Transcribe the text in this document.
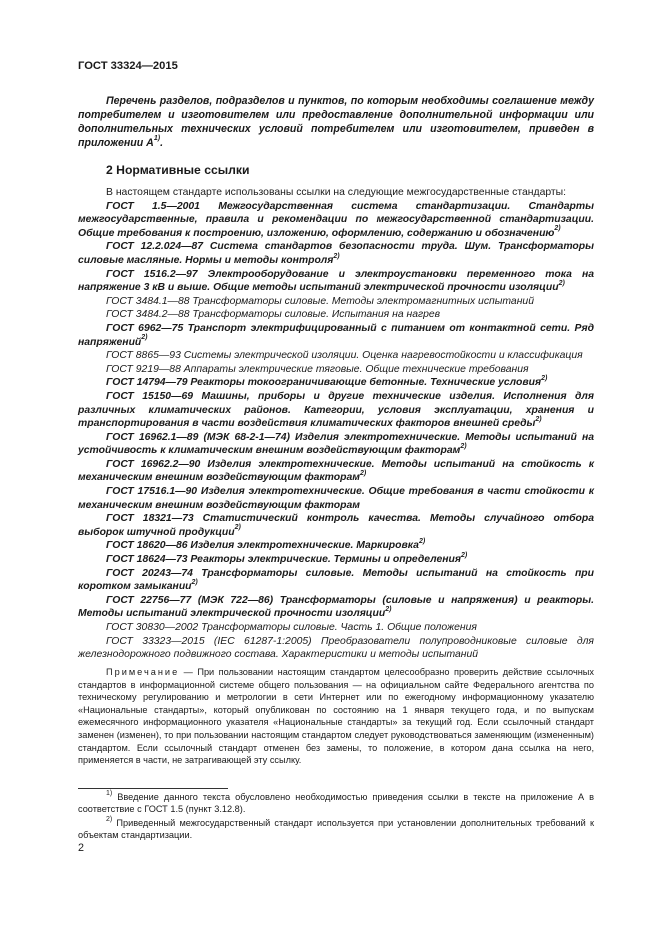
ГОСТ 33324—2015
Перечень разделов, подразделов и пунктов, по которым необходимы соглашение между потребителем и изготовителем или предоставление дополнительной информации или дополнительных технических условий потребителем или изготовителем, приведен в приложении $А^{1)}$.
2 Нормативные ссылки

В настоящем стандарте использованы ссылки на следующие межгосударственные стандарты:

ГОСТ 1.5—2001 Межгосударственная система стандартизации. Стандарты межгосударственные, правила и рекомендации по межгосударственной стандартизации. Общие требования к построению, изложению, оформлению, содержанию и обозначению$^{2)}$

ГОСТ 12.2.024—87 Система стандартов безопасности труда. Шум. Трансформаторы силовые масляные. Нормы и методы контроля$^{2)}$

ГОСТ 1516.2—97 Электрооборудование и электроустановки переменного тока на напряжение 3 кВ и выше. Общие методы испытаний электрической прочности изоляции$^{2)}$

ГОСТ 3484.1—88 Трансформаторы силовые. Методы электромагнитных испытаний

ГОСТ 3484.2—88 Трансформаторы силовые. Испытания на нагрев

ГОСТ 6962—75 Транспорт электрифицированный с питанием от контактной сети. Ряд напряжений$^{2)}$

ГОСТ 8865—93 Системы электрической изоляции. Оценка нагревостойкости и классификация

ГОСТ 9219—88 Аппараты электрические тяговые. Общие технические требования

ГОСТ 14794—79 Реакторы токоограничивающие бетонные. Технические условия$^{2)}$

ГОСТ 15150—69 Машины, приборы и другие технические изделия. Исполнения для различных климатических районов. Категории, условия эксплуатации, хранения и транспортирования в части воздействия климатических факторов внешней среды$^{2)}$

ГОСТ 16962.1—89 (МЭК 68-2-1—74) Изделия электротехнические. Методы испытаний на устойчивость к климатическим внешним воздействующим факторам$^{2)}$

ГОСТ 16962.2—90 Изделия электротехнические. Методы испытаний на стойкость к механическим внешним воздействующим факторам$^{2)}$

ГОСТ 17516.1—90 Изделия электротехнические. Общие требования в части стойкости к механическим внешним воздействующим факторам

ГОСТ 18321—73 Статистический контроль качества. Методы случайного отбора выборок штучной продукции$^{2)}$

ГОСТ 18620—86 Изделия электротехнические. Маркировка$^{2)}$

ГОСТ 18624—73 Реакторы электрические. Термины и определения$^{2)}$

ГОСТ 20243—74 Трансформаторы силовые. Методы испытаний на стойкость при коротком замыкании$^{2)}$

ГОСТ 22756—77 (МЭК 722—86) Трансформаторы (силовые и напряжения) и реакторы. Методы испытаний электрической прочности изоляции$^{2)}$

ГОСТ 30830—2002 Трансформаторы силовые. Часть 1. Общие положения

ГОСТ 33323—2015 (IEC 61287-1:2005) Преобразователи полупроводниковые силовые для железнодорожного подвижного состава. Характеристики и методы испытаний

Примечание — При пользовании настоящим стандартом целесообразно проверить действие ссылочных стандартов в информационной системе общего пользования — на официальном сайте Федерального агентства по техническому регулированию и метрологии в сети Интернет или по ежегодному информационному указателю «Национальные стандарты», который опубликован по состоянию на 1 января текущего года, и по выпускам ежемесячного информационного указателя «Национальные стандарты» за текущий год. Если ссылочный стандарт заменен (изменен), то при пользовании настоящим стандартом следует руководствоваться заменяющим (измененным) стандартом. Если ссылочный стандарт отменен без замены, то положение, в котором дана ссылка на него, применяется в части, не затрагивающей эту ссылку.

$^{1)}$ Введение данного текста обусловлено необходимостью приведения ссылки в тексте на приложение А в соответствие с ГОСТ 1.5 (пункт 3.12.8).

$^{2)}$ Приведенный межгосударственный стандарт используется при установлении дополнительных требований к объектам стандартизации.

2
